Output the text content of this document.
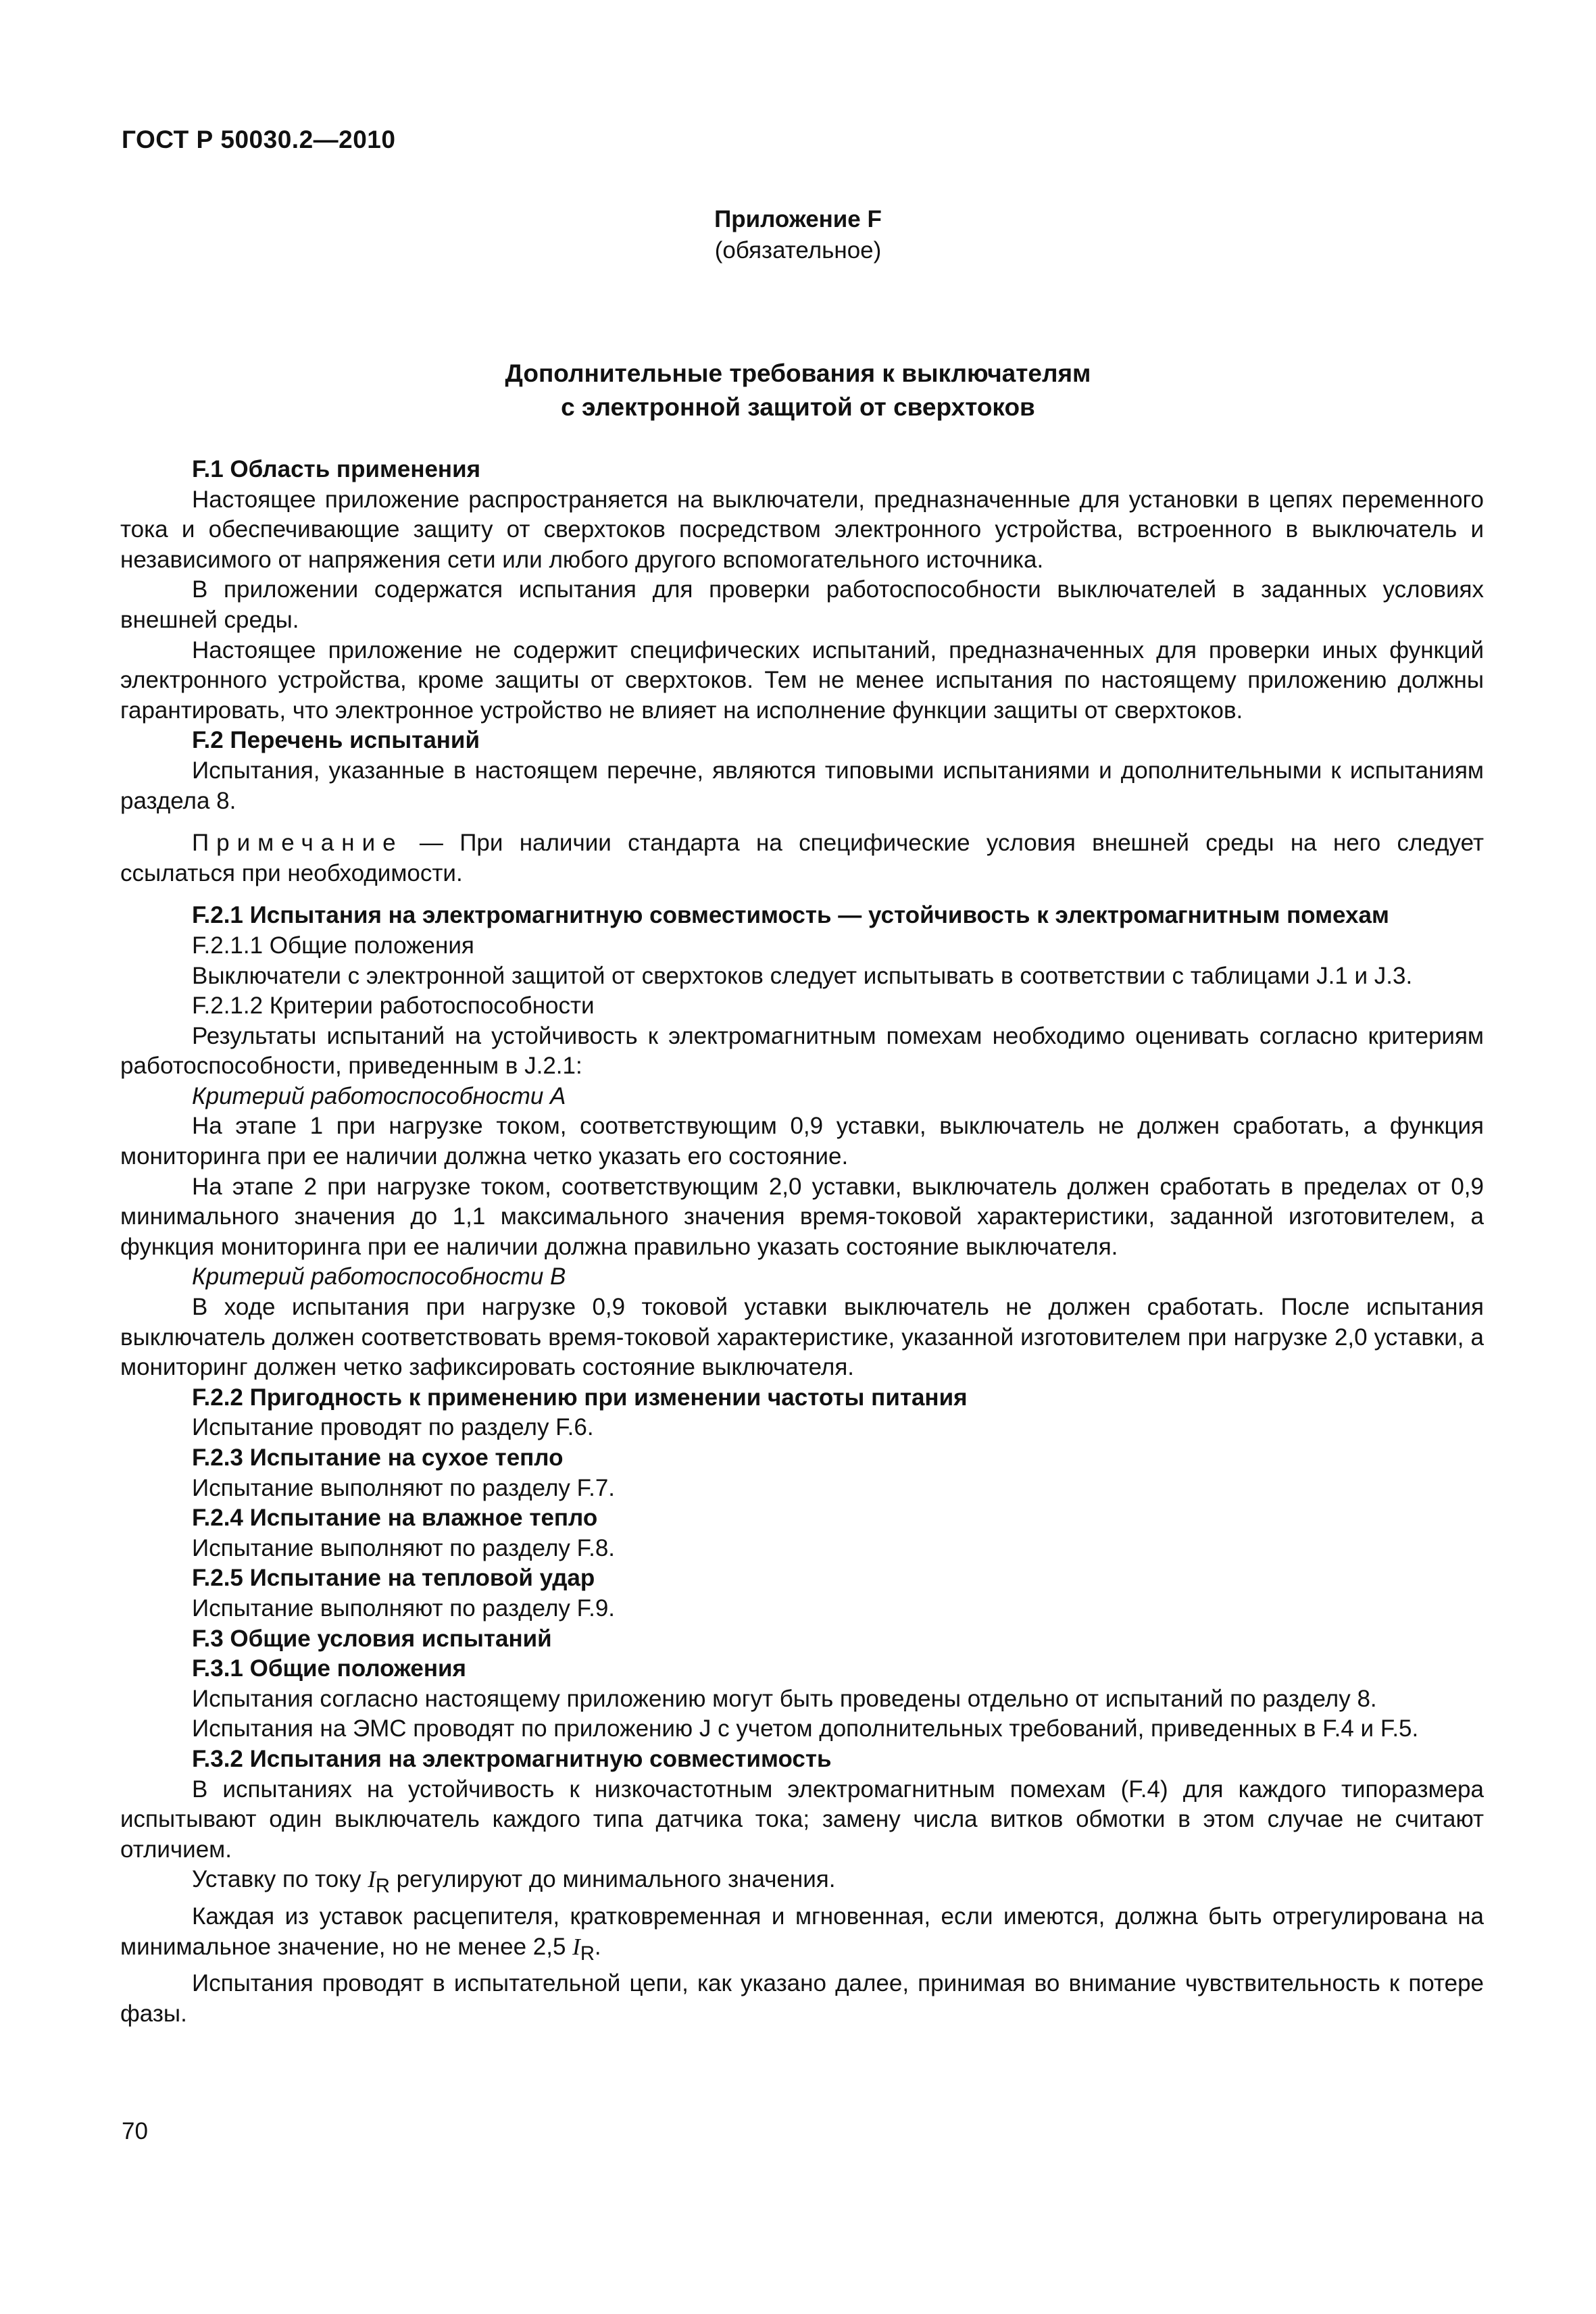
ГОСТ Р 50030.2—2010
Приложение F
(обязательное)
Дополнительные требования к выключателям
с электронной защитой от сверхтоков

F.1 Область применения

Настоящее приложение распространяется на выключатели, предназначенные для установки в цепях переменного тока и обеспечивающие защиту от сверхтоков посредством электронного устройства, встроенного в выключатель и независимого от напряжения сети или любого другого вспомогательного источника.

В приложении содержатся испытания для проверки работоспособности выключателей в заданных условиях внешней среды.

Настоящее приложение не содержит специфических испытаний, предназначенных для проверки иных функций электронного устройства, кроме защиты от сверхтоков. Тем не менее испытания по настоящему приложению должны гарантировать, что электронное устройство не влияет на исполнение функции защиты от сверхтоков.

F.2 Перечень испытаний

Испытания, указанные в настоящем перечне, являются типовыми испытаниями и дополнительными к испытаниям раздела 8.

Примечание — При наличии стандарта на специфические условия внешней среды на него следует ссылаться при необходимости.

F.2.1 Испытания на электромагнитную совместимость — устойчивость к электромагнитным помехам

F.2.1.1 Общие положения

Выключатели с электронной защитой от сверхтоков следует испытывать в соответствии с таблицами J.1 и J.3.

F.2.1.2 Критерии работоспособности

Результаты испытаний на устойчивость к электромагнитным помехам необходимо оценивать согласно критериям работоспособности, приведенным в J.2.1:

Критерий работоспособности A

На этапе 1 при нагрузке током, соответствующим 0,9 уставки, выключатель не должен сработать, а функция мониторинга при ее наличии должна четко указать его состояние.

На этапе 2 при нагрузке током, соответствующим 2,0 уставки, выключатель должен сработать в пределах от 0,9 минимального значения до 1,1 максимального значения время-токовой характеристики, заданной изготовителем, а функция мониторинга при ее наличии должна правильно указать состояние выключателя.

Критерий работоспособности B

В ходе испытания при нагрузке 0,9 токовой уставки выключатель не должен сработать. После испытания выключатель должен соответствовать время-токовой характеристике, указанной изготовителем при нагрузке 2,0 уставки, а мониторинг должен четко зафиксировать состояние выключателя.

F.2.2 Пригодность к применению при изменении частоты питания

Испытание проводят по разделу F.6.

F.2.3 Испытание на сухое тепло

Испытание выполняют по разделу F.7.

F.2.4 Испытание на влажное тепло

Испытание выполняют по разделу F.8.

F.2.5 Испытание на тепловой удар

Испытание выполняют по разделу F.9.

F.3 Общие условия испытаний

F.3.1 Общие положения

Испытания согласно настоящему приложению могут быть проведены отдельно от испытаний по разделу 8.

Испытания на ЭМС проводят по приложению J с учетом дополнительных требований, приведенных в F.4 и F.5.

F.3.2 Испытания на электромагнитную совместимость

В испытаниях на устойчивость к низкочастотным электромагнитным помехам (F.4) для каждого типоразмера испытывают один выключатель каждого типа датчика тока; замену числа витков обмотки в этом случае не считают отличием.

Уставку по току $I_R$ регулируют до минимального значения.

Каждая из уставок расцепителя, кратковременная и мгновенная, если имеются, должна быть отрегулирована на минимальное значение, но не менее 2,5 $I_R$.

Испытания проводят в испытательной цепи, как указано далее, принимая во внимание чувствительность к потере фазы.

70
